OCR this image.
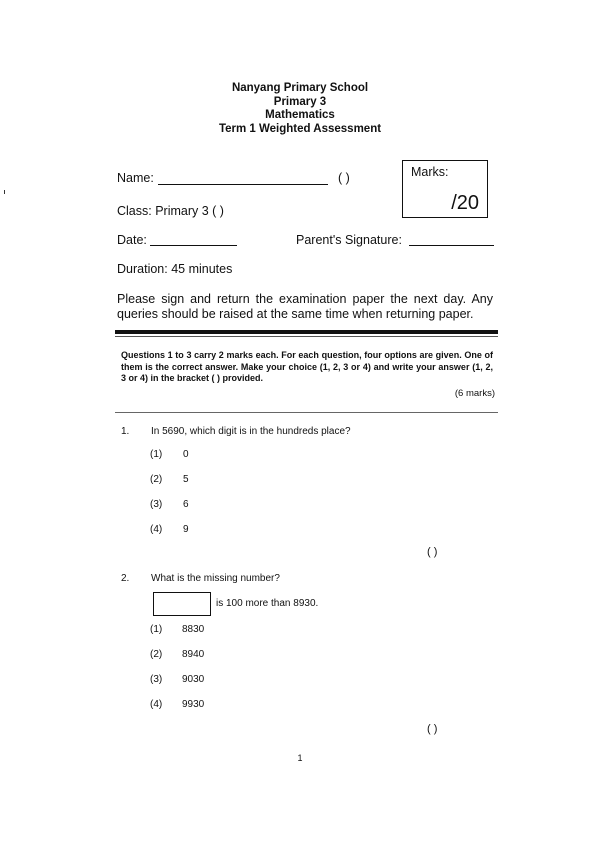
Nanyang Primary School
Primary 3
Mathematics
Term 1 Weighted Assessment
Name:	( )	Marks:
/20
Class: Primary 3 ( )
Date:	Parent's Signature:
Duration: 45 minutes
Please sign and return the examination paper the next day. Any queries should be raised at the same time when returning paper.
Questions 1 to 3 carry 2 marks each. For each question, four options are given. One of them is the correct answer. Make your choice (1, 2, 3 or 4) and write your answer (1, 2, 3 or 4) in the bracket ( ) provided.
(6 marks)
1. In 5690, which digit is in the hundreds place?
(1) 0
(2) 5
(3) 6
(4) 9
( )
2. What is the missing number?
is 100 more than 8930.
(1) 8830
(2) 8940
(3) 9030
(4) 9930
( )
1
